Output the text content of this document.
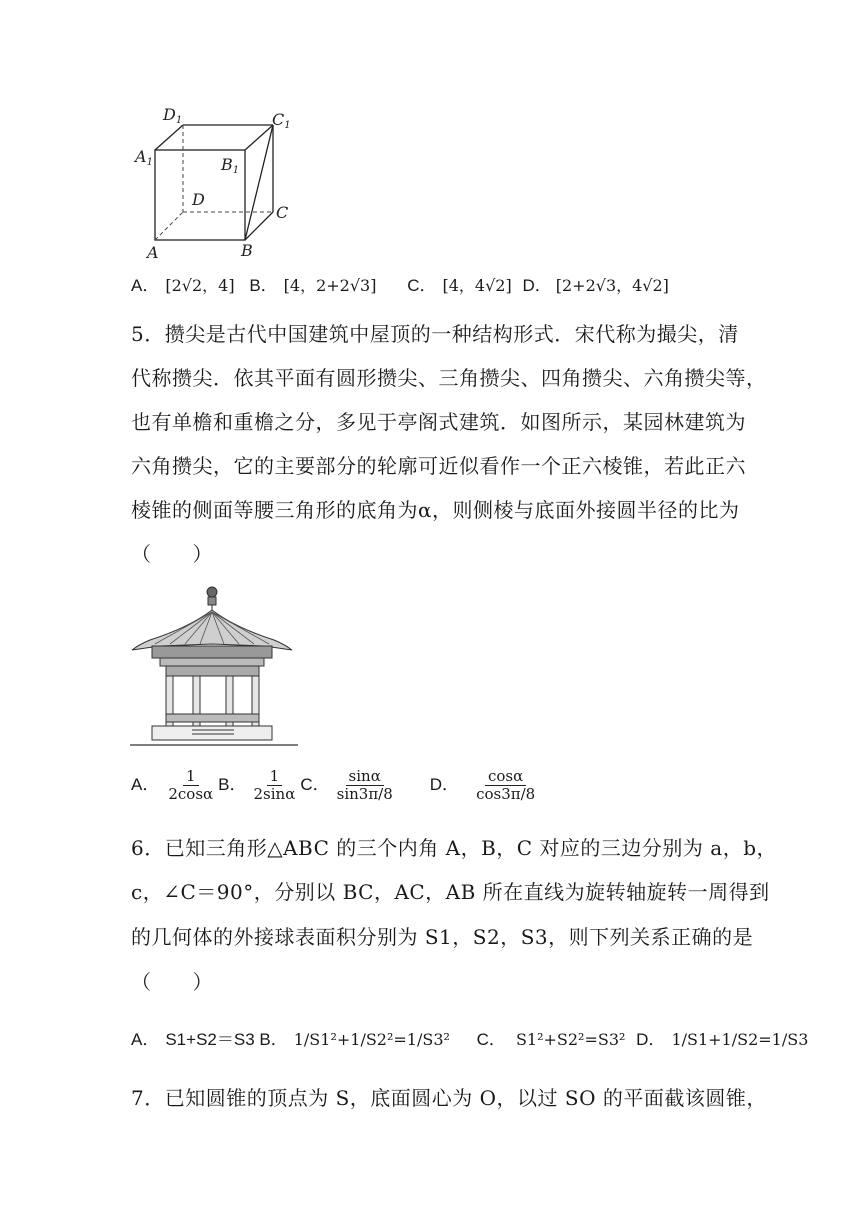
D1	C1
A1	B1
D
C
A	B
A． [2√2，4] B． [4，2+2√3] C． [4，4√2] D． [2+2√3，4√2]
5．攒尖是古代中国建筑中屋顶的一种结构形式．宋代称为撮尖，清
代称攒尖．依其平面有圆形攒尖、三角攒尖、四角攒尖、六角攒尖等，
也有单檐和重檐之分，多见于亭阁式建筑．如图所示，某园林建筑为
六角攒尖，它的主要部分的轮廓可近似看作一个正六棱锥，若此正六
棱锥的侧面等腰三角形的底角为α，则侧棱与底面外接圆半径的比为
（　　）
A． $\frac{1}{2\cos\alpha}$ B． $\frac{1}{2\sin\alpha}$ C． $\frac{\sin\alpha}{\sin 3\pi/8}$ D． $\frac{\cos\alpha}{\cos 3\pi/8}$
6．已知三角形△ABC 的三个内角 A，B，C 对应的三边分别为 a，b，
c，∠C＝90°，分别以 BC，AC，AB 所在直线为旋转轴旋转一周得到
的几何体的外接球表面积分别为 S1，S2，S3，则下列关系正确的是
（　　）
A． S1+S2＝S3 B． 1/S1²+1/S2²=1/S3² C． S1²+S2²=S3² D． 1/S1+1/S2=1/S3
7．已知圆锥的顶点为 S，底面圆心为 O，以过 SO 的平面截该圆锥，
